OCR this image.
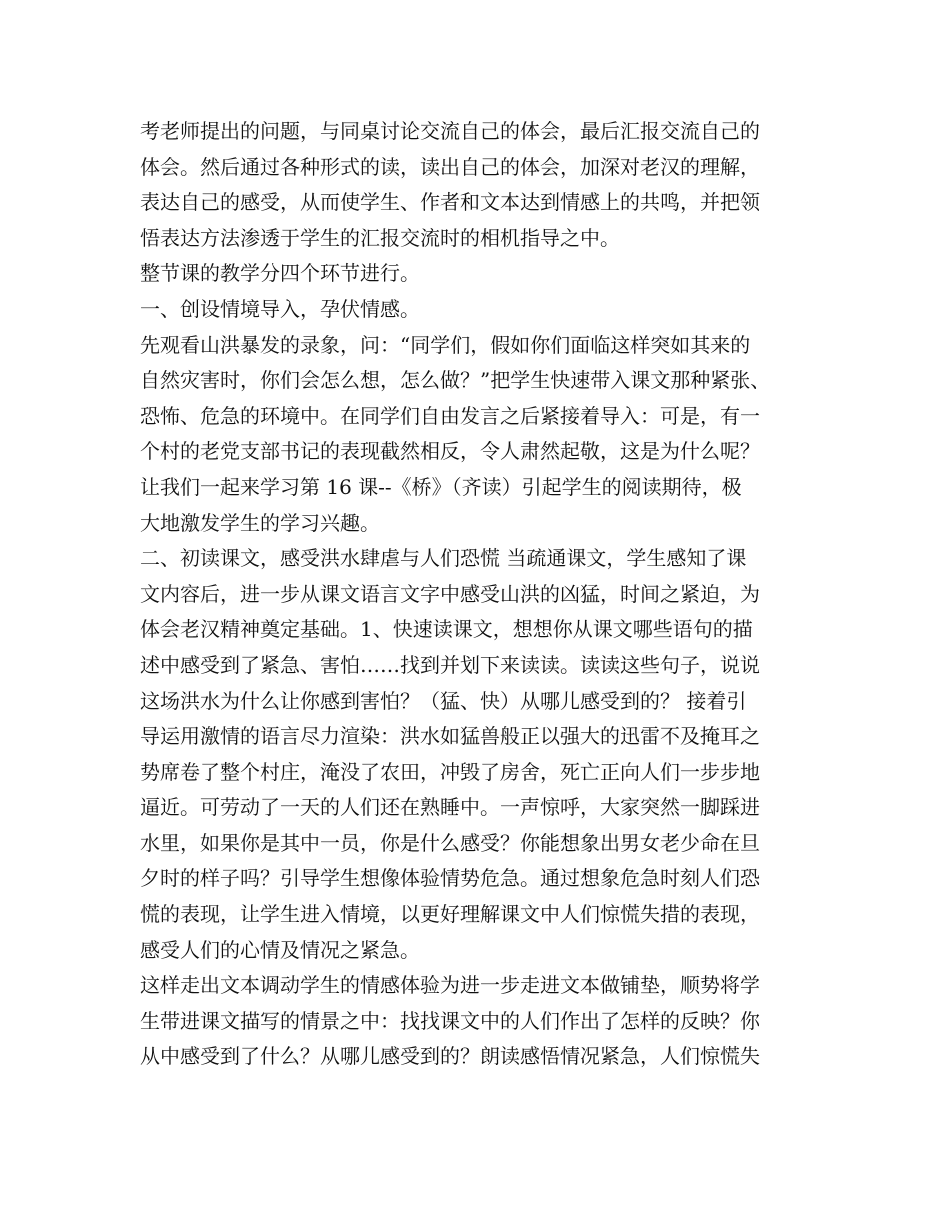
考老师提出的问题，与同桌讨论交流自己的体会，最后汇报交流自己的
体会。然后通过各种形式的读，读出自己的体会，加深对老汉的理解，
表达自己的感受，从而使学生、作者和文本达到情感上的共鸣，并把领
悟表达方法渗透于学生的汇报交流时的相机指导之中。
整节课的教学分四个环节进行。
一、创设情境导入，孕伏情感。
先观看山洪暴发的录象，问：“同学们，假如你们面临这样突如其来的
自然灾害时，你们会怎么想，怎么做？”把学生快速带入课文那种紧张、
恐怖、危急的环境中。在同学们自由发言之后紧接着导入：可是，有一
个村的老党支部书记的表现截然相反，令人肃然起敬，这是为什么呢？
让我们一起来学习第 16 课--《桥》（齐读）引起学生的阅读期待，极
大地激发学生的学习兴趣。
二、初读课文，感受洪水肆虐与人们恐慌 当疏通课文，学生感知了课
文内容后，进一步从课文语言文字中感受山洪的凶猛，时间之紧迫，为
体会老汉精神奠定基础。1、快速读课文，想想你从课文哪些语句的描
述中感受到了紧急、害怕……找到并划下来读读。读读这些句子，说说
这场洪水为什么让你感到害怕？（猛、快）从哪儿感受到的？ 接着引
导运用激情的语言尽力渲染：洪水如猛兽般正以强大的迅雷不及掩耳之
势席卷了整个村庄，淹没了农田，冲毁了房舍，死亡正向人们一步步地
逼近。可劳动了一天的人们还在熟睡中。一声惊呼，大家突然一脚踩进
水里，如果你是其中一员，你是什么感受？你能想象出男女老少命在旦
夕时的样子吗？引导学生想像体验情势危急。通过想象危急时刻人们恐
慌的表现，让学生进入情境，以更好理解课文中人们惊慌失措的表现，
感受人们的心情及情况之紧急。
这样走出文本调动学生的情感体验为进一步走进文本做铺垫，顺势将学
生带进课文描写的情景之中：找找课文中的人们作出了怎样的反映？你
从中感受到了什么？从哪儿感受到的？朗读感悟情况紧急，人们惊慌失
